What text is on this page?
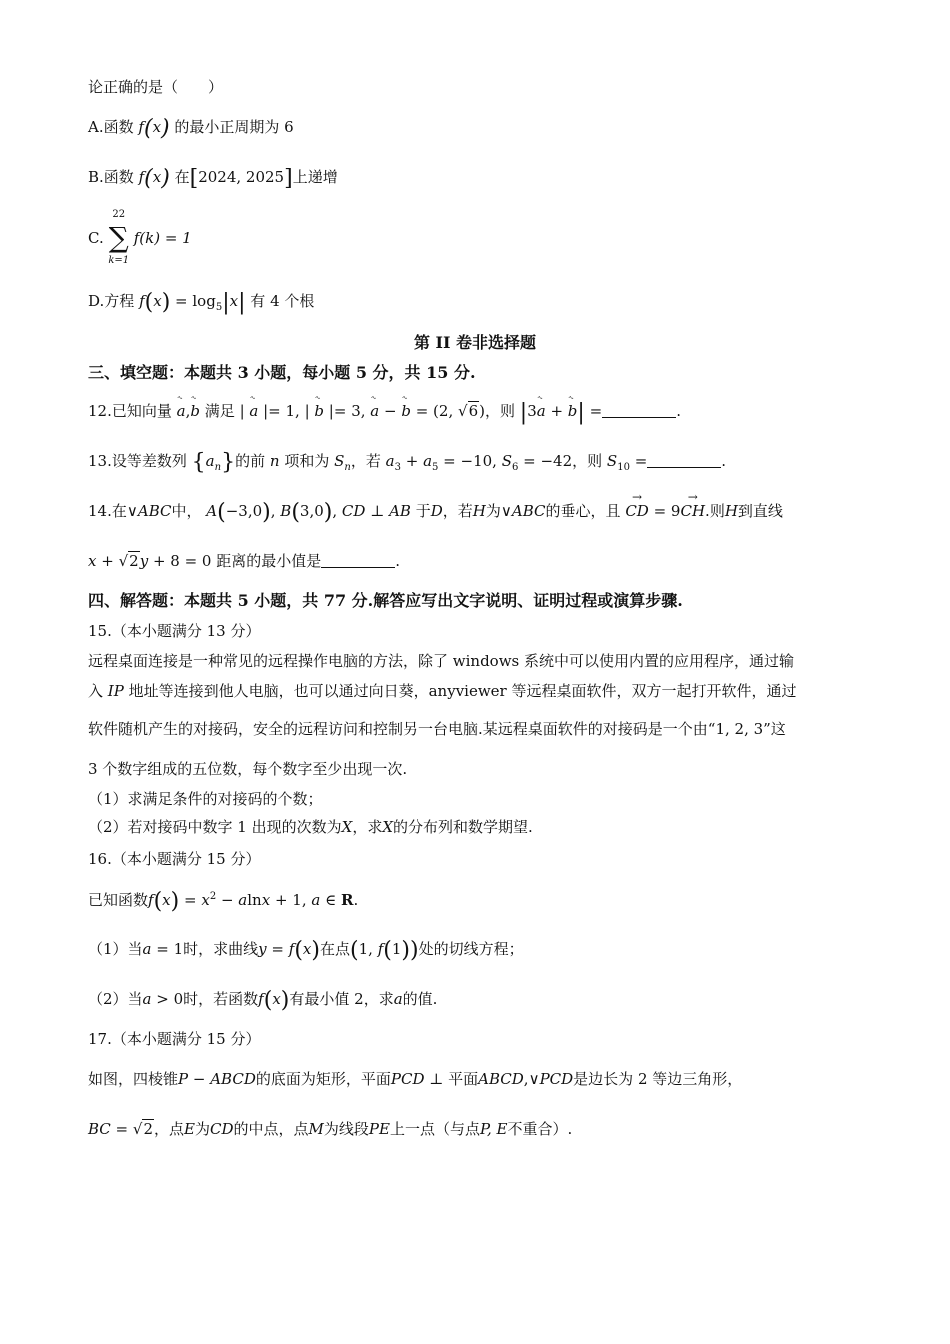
论正确的是（　　）
A.函数 f(x) 的最小正周期为 6
B.函数 f(x) 在[2024, 2025]上递增
C.
22
∑
k=1
f(k) = 1
D.方程 $f(x) = \log_5|x|$ 有 4 个根
第 II 卷非选择题
三、填空题：本题共 3 小题，每小题 5 分，共 15 分.
12.已知向量 ˞ a,˞ b 满足 | ˞ a |= 1, | ˞ b |= 3, ˞ a − ˞ b = (2, √6)，则 |3˞ a + ˞ b| =	.
13.设等差数列 $\{a_n\}$的前 n 项和为 $S_n$，若 $a_3 + a_5 = -10$, $S_6 = -42$，则 $S_{10}$ =	.
14.在∨ABC中， A(−3,0), B(3,0), CD ⊥ AB 于D，若H为∨ABC的垂心，且 → CD = 9→ CH.则H到直线
x + √2y + 8 = 0 距离的最小值是	.
四、解答题：本题共 5 小题，共 77 分.解答应写出文字说明、证明过程或演算步骤.
15.（本小题满分 13 分）
远程桌面连接是一种常见的远程操作电脑的方法，除了 windows 系统中可以使用内置的应用程序，通过输
入 IP 地址等连接到他人电脑，也可以通过向日葵，anyviewer 等远程桌面软件，双方一起打开软件，通过
软件随机产生的对接码，安全的远程访问和控制另一台电脑.某远程桌面软件的对接码是一个由“1, 2, 3”这
3 个数字组成的五位数，每个数字至少出现一次.
（1）求满足条件的对接码的个数；
（2）若对接码中数字 1 出现的次数为X，求X的分布列和数学期望.
16.（本小题满分 15 分）
已知函数$f(x) = x^2 - alnx + 1$, a ∈ R.
（1）当a = 1时，求曲线y = f(x)在点(1, f(1))处的切线方程；
（2）当a > 0时，若函数f(x)有最小值 2，求a的值.
17.（本小题满分 15 分）
如图，四棱锥P − ABCD的底面为矩形，平面PCD ⊥ 平面ABCD,∨PCD是边长为 2 等边三角形，
BC = √2，点E为CD的中点，点M为线段PE上一点（与点P, E不重合）.
